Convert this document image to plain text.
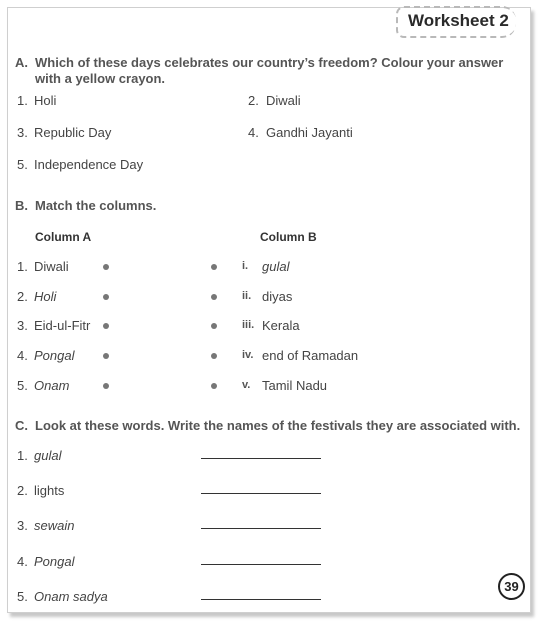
Worksheet 2
A. Which of these days celebrates our country’s freedom? Colour your answer
with a yellow crayon.
1. Holi	2. Diwali
3. Republic Day	4. Gandhi Jayanti
5. Independence Day
B. Match the columns.
Column A	Column B
1. Diwali	i. gulal
2. Holi	ii. diyas
3. Eid-ul-Fitr	iii. Kerala
4. Pongal	iv. end of Ramadan
5. Onam	v. Tamil Nadu
C. Look at these words. Write the names of the festivals they are associated with.
1. gulal
2. lights
3. sewain
4. Pongal
5. Onam sadya
39
